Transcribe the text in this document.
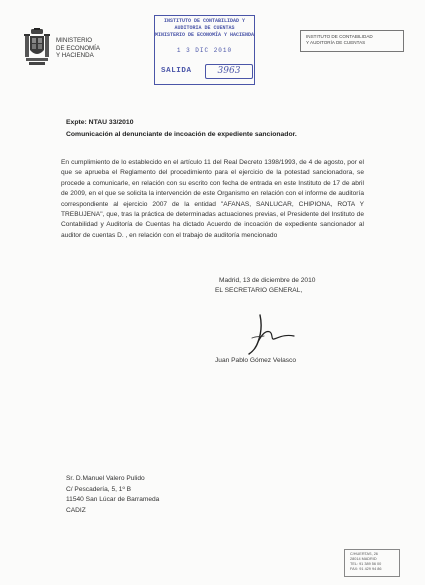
MINISTERIO
DE ECONOMÍA
Y HACIENDA
INSTITUTO DE CONTABILIDAD Y
AUDITORIA DE CUENTAS
MINISTERIO DE ECONOMÍA Y HACIENDA
1 3 DIC 2010
SALIDA	3963
INSTITUTO DE CONTABILIDAD
Y AUDITORÍA DE CUENTAS
Expte: NTAU 33/2010
Comunicación al denunciante de incoación de expediente sancionador.
En cumplimiento de lo establecido en el artículo 11 del Real Decreto 1398/1993, de 4 de agosto, por el que se aprueba el Reglamento del procedimiento para el ejercicio de la potestad sancionadora, se procede a comunicarle, en relación con su escrito con fecha de entrada en este Instituto de 17 de abril de 2009, en el que se solicita la intervención de este Organismo en relación con el informe de auditoría correspondiente al ejercicio 2007 de la entidad "AFANAS, SANLUCAR, CHIPIONA, ROTA Y TREBUJENA", que, tras la práctica de determinadas actuaciones previas, el Presidente del Instituto de Contabilidad y Auditoría de Cuentas ha dictado Acuerdo de incoación de expediente sancionador al auditor de cuentas D. , en relación con el trabajo de auditoría mencionado
Madrid, 13 de diciembre de 2010
EL SECRETARIO GENERAL,
Juan Pablo Gómez Velasco
Sr. D.Manuel Valero Pulido
C/ Pescadería, 5, 1º B
11540 San Lúcar de Barrameda
CADIZ
C/HUERTAS, 26
28014 MADRID
TEL: 91 389 56 00
FAX: 91 429 94 86
